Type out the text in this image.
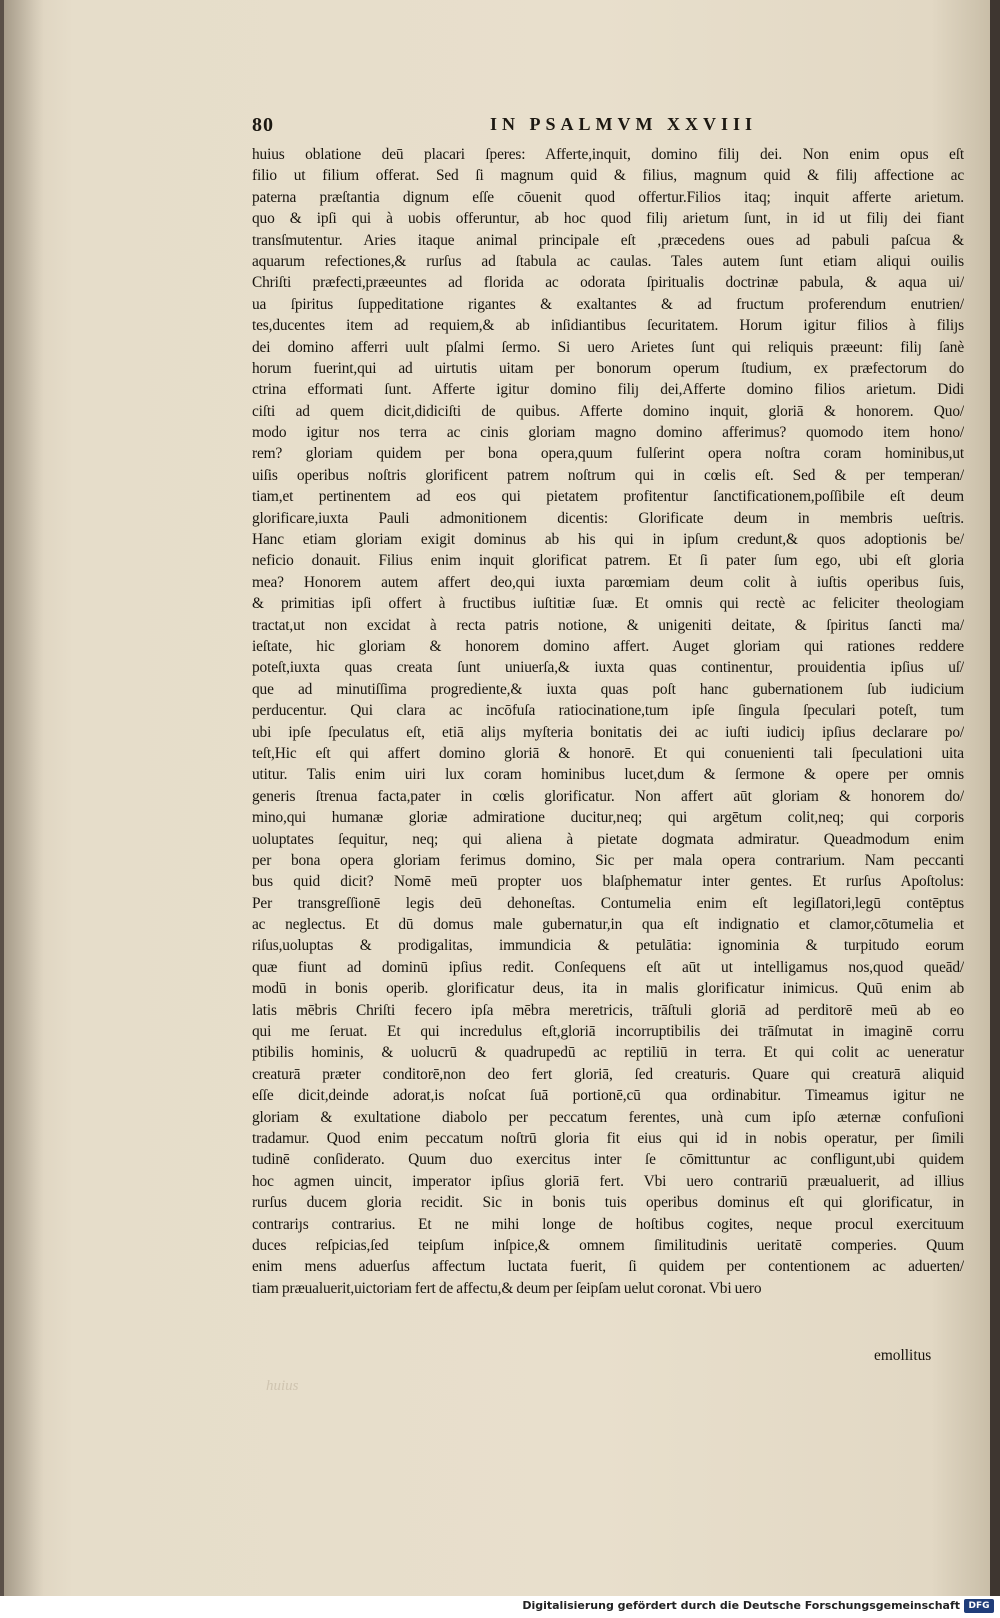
80	IN PSALMVM XXVIII
huius oblatione deū placari ſperes: Afferte,inquit, domino filiȷ dei. Non enim opus eſt
filio ut filium offerat. Sed ſi magnum quid & filius, magnum quid & filiȷ affectione ac
paterna præſtantia dignum eſſe cōuenit quod offertur.Filios itaq; inquit afferte arietum.
quo & ipſi qui à uobis offeruntur, ab hoc quod filiȷ arietum ſunt, in id ut filiȷ dei fiant
transſmutentur. Aries itaque animal principale eſt ,præcedens oues ad pabuli paſcua &
aquarum refectiones,& rurſus ad ſtabula ac caulas. Tales autem ſunt etiam aliqui ouilis
Chriſti præfecti,præeuntes ad florida ac odorata ſpiritualis doctrinæ pabula, & aqua ui/
ua ſpiritus ſuppeditatione rigantes & exaltantes & ad fructum proferendum enutrien/
tes,ducentes item ad requiem,& ab inſidiantibus ſecuritatem. Horum igitur filios à filiȷs
dei domino afferri uult pſalmi ſermo. Si uero Arietes ſunt qui reliquis præeunt: filiȷ ſanè
horum fuerint,qui ad uirtutis uitam per bonorum operum ſtudium, ex præfectorum do
ctrina efformati ſunt. Afferte igitur domino filiȷ dei,Afferte domino filios arietum. Didi
ciſti ad quem dicit,didiciſti de quibus. Afferte domino inquit, gloriā & honorem. Quo/
modo igitur nos terra ac cinis gloriam magno domino afferimus? quomodo item hono/
rem? gloriam quidem per bona opera,quum fulſerint opera noſtra coram hominibus,ut
uiſis operibus noſtris glorificent patrem noſtrum qui in cœlis eſt. Sed & per temperan/
tiam,et pertinentem ad eos qui pietatem profitentur ſanctificationem,poſſibile eſt deum
glorificare,iuxta Pauli admonitionem dicentis: Glorificate deum in membris ueſtris.
Hanc etiam gloriam exigit dominus ab his qui in ipſum credunt,& quos adoptionis be/
neficio donauit. Filius enim inquit glorificat patrem. Et ſi pater ſum ego, ubi eſt gloria
mea? Honorem autem affert deo,qui iuxta parœmiam deum colit à iuſtis operibus ſuis,
& primitias ipſi offert à fructibus iuſtitiæ ſuæ. Et omnis qui rectè ac feliciter theologiam
tractat,ut non excidat à recta patris notione, & unigeniti deitate, & ſpiritus ſancti ma/
ieſtate, hic gloriam & honorem domino affert. Auget gloriam qui rationes reddere
poteſt,iuxta quas creata ſunt uniuerſa,& iuxta quas continentur, prouidentia ipſius uſ/
que ad minutiſſima progrediente,& iuxta quas poſt hanc gubernationem ſub iudicium
perducentur. Qui clara ac incōfuſa ratiocinatione,tum ipſe ſingula ſpeculari poteſt, tum
ubi ipſe ſpeculatus eſt, etiā aliȷs myſteria bonitatis dei ac iuſti iudiciȷ ipſius declarare po/
teſt,Hic eſt qui affert domino gloriā & honorē. Et qui conuenienti tali ſpeculationi uita
utitur. Talis enim uiri lux coram hominibus lucet,dum & ſermone & opere per omnis
generis ſtrenua facta,pater in cœlis glorificatur. Non affert aūt gloriam & honorem do/
mino,qui humanæ gloriæ admiratione ducitur,neq; qui argētum colit,neq; qui corporis
uoluptates ſequitur, neq; qui aliena à pietate dogmata admiratur. Queadmodum enim
per bona opera gloriam ferimus domino, Sic per mala opera contrarium. Nam peccanti
bus quid dicit? Nomē meū propter uos blaſphematur inter gentes. Et rurſus Apoſtolus:
Per transgreſſionē legis deū dehoneſtas. Contumelia enim eſt legiſlatori,legū contēptus
ac neglectus. Et dū domus male gubernatur,in qua eſt indignatio et clamor,cōtumelia et
riſus,uoluptas & prodigalitas, immundicia & petulātia: ignominia & turpitudo eorum
quæ fiunt ad dominū ipſius redit. Conſequens eſt aūt ut intelligamus nos,quod queād/
modū in bonis operib. glorificatur deus, ita in malis glorificatur inimicus. Quū enim ab
latis mēbris Chriſti fecero ipſa mēbra meretricis, trāſtuli gloriā ad perditorē meū ab eo
qui me ſeruat. Et qui incredulus eſt,gloriā incorruptibilis dei trāſmutat in imaginē corru
ptibilis hominis, & uolucrū & quadrupedū ac reptiliū in terra. Et qui colit ac ueneratur
creaturā præter conditorē,non deo fert gloriā, ſed creaturis. Quare qui creaturā aliquid
eſſe dicit,deinde adorat,is noſcat ſuā portionē,cū qua ordinabitur. Timeamus igitur ne
gloriam & exultatione diabolo per peccatum ferentes, unà cum ipſo æternæ confuſioni
tradamur. Quod enim peccatum noſtrū gloria fit eius qui id in nobis operatur, per ſimili
tudinē conſiderato. Quum duo exercitus inter ſe cōmittuntur ac confligunt,ubi quidem
hoc agmen uincit, imperator ipſius gloriā fert. Vbi uero contrariū præualuerit, ad illius
rurſus ducem gloria recidit. Sic in bonis tuis operibus dominus eſt qui glorificatur, in
contrariȷs contrarius. Et ne mihi longe de hoſtibus cogites, neque procul exercituum
duces reſpicias,ſed teipſum inſpice,& omnem ſimilitudinis ueritatē comperies. Quum
enim mens aduerſus affectum luctata fuerit, ſi quidem per contentionem ac aduerten/
tiam præualuerit,uictoriam fert de affectu,& deum per ſeipſam uelut coronat. Vbi uero
emollitus
huius
Digitalisierung gefördert durch die Deutsche Forschungsgemeinschaft DFG
